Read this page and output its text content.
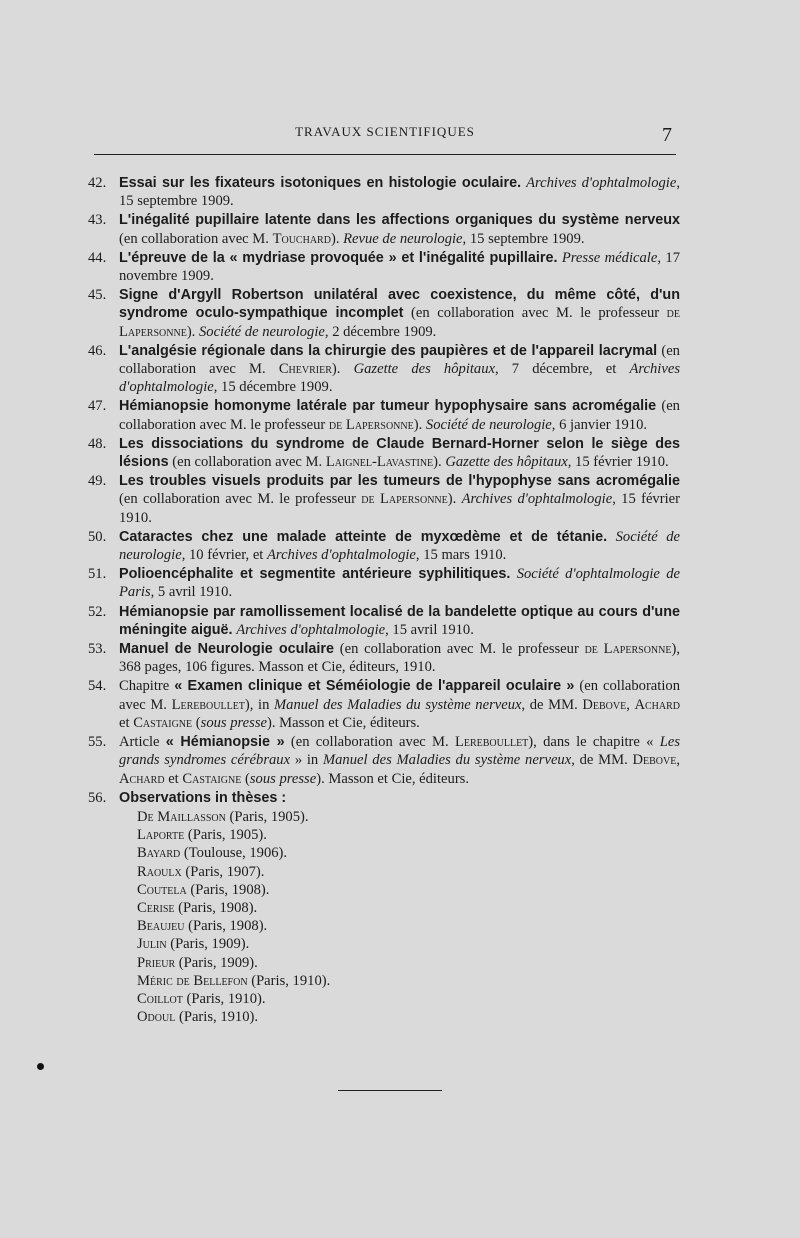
TRAVAUX SCIENTIFIQUES	7
42. Essai sur les fixateurs isotoniques en histologie oculaire. Archives d'ophtalmologie, 15 septembre 1909.
43. L'inégalité pupillaire latente dans les affections organiques du système nerveux (en collaboration avec M. Touchard). Revue de neurologie, 15 septembre 1909.
44. L'épreuve de la « mydriase provoquée » et l'inégalité pupillaire. Presse médicale, 17 novembre 1909.
45. Signe d'Argyll Robertson unilatéral avec coexistence, du même côté, d'un syndrome oculo-sympathique incomplet (en collaboration avec M. le professeur de Lapersonne). Société de neurologie, 2 décembre 1909.
46. L'analgésie régionale dans la chirurgie des paupières et de l'appareil lacrymal (en collaboration avec M. Chevrier). Gazette des hôpitaux, 7 décembre, et Archives d'ophtalmologie, 15 décembre 1909.
47. Hémianopsie homonyme latérale par tumeur hypophysaire sans acromégalie (en collaboration avec M. le professeur de Lapersonne). Société de neurologie, 6 janvier 1910.
48. Les dissociations du syndrome de Claude Bernard-Horner selon le siège des lésions (en collaboration avec M. Laignel-Lavastine). Gazette des hôpitaux, 15 février 1910.
49. Les troubles visuels produits par les tumeurs de l'hypophyse sans acromégalie (en collaboration avec M. le professeur de Lapersonne). Archives d'ophtalmologie, 15 février 1910.
50. Cataractes chez une malade atteinte de myxœdème et de tétanie. Société de neurologie, 10 février, et Archives d'ophtalmologie, 15 mars 1910.
51. Polioencéphalite et segmentite antérieure syphilitiques. Société d'ophtalmologie de Paris, 5 avril 1910.
52. Hémianopsie par ramollissement localisé de la bandelette optique au cours d'une méningite aiguë. Archives d'ophtalmologie, 15 avril 1910.
53. Manuel de Neurologie oculaire (en collaboration avec M. le professeur de Lapersonne), 368 pages, 106 figures. Masson et Cie, éditeurs, 1910.
54. Chapitre « Examen clinique et Séméiologie de l'appareil oculaire » (en collaboration avec M. Lereboullet), in Manuel des Maladies du système nerveux, de MM. Debove, Achard et Castaigne (sous presse). Masson et Cie, éditeurs.
55. Article « Hémianopsie » (en collaboration avec M. Lereboullet), dans le chapitre « Les grands syndromes cérébraux » in Manuel des Maladies du système nerveux, de MM. Debove, Achard et Castaigne (sous presse). Masson et Cie, éditeurs.
56. Observations in thèses :
De Maillasson (Paris, 1905).
Laporte (Paris, 1905).
Bayard (Toulouse, 1906).
Raoulx (Paris, 1907).
Coutela (Paris, 1908).
Cerise (Paris, 1908).
Beaujeu (Paris, 1908).
Julin (Paris, 1909).
Prieur (Paris, 1909).
Méric de Bellefon (Paris, 1910).
Coillot (Paris, 1910).
Odoul (Paris, 1910).
